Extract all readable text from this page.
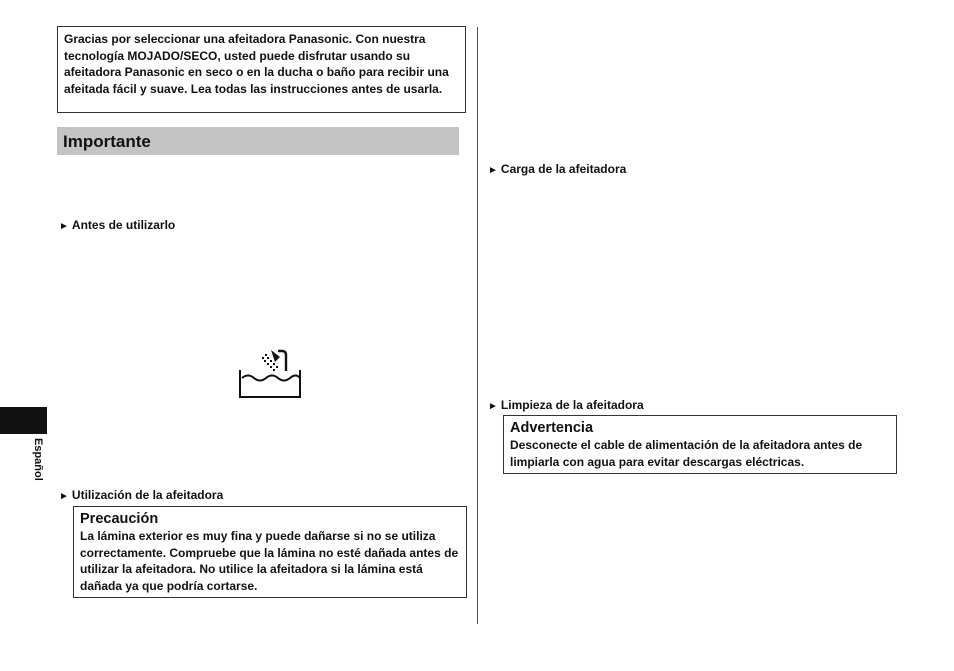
Gracias por seleccionar una afeitadora Panasonic. Con nuestra tecnología MOJADO/SECO, usted puede disfrutar usando su afeitadora Panasonic en seco o en la ducha o baño para recibir una afeitada fácil y suave. Lea todas las instrucciones antes de usarla.
Importante
► Antes de utilizarlo
Español
► Utilización de la afeitadora
Precaución
La lámina exterior es muy fina y puede dañarse si no se utiliza correctamente. Compruebe que la lámina no esté dañada antes de utilizar la afeitadora. No utilice la afeitadora si la lámina está dañada ya que podría cortarse.
► Carga de la afeitadora
► Limpieza de la afeitadora
Advertencia
Desconecte el cable de alimentación de la afeitadora antes de limpiarla con agua para evitar descargas eléctricas.
